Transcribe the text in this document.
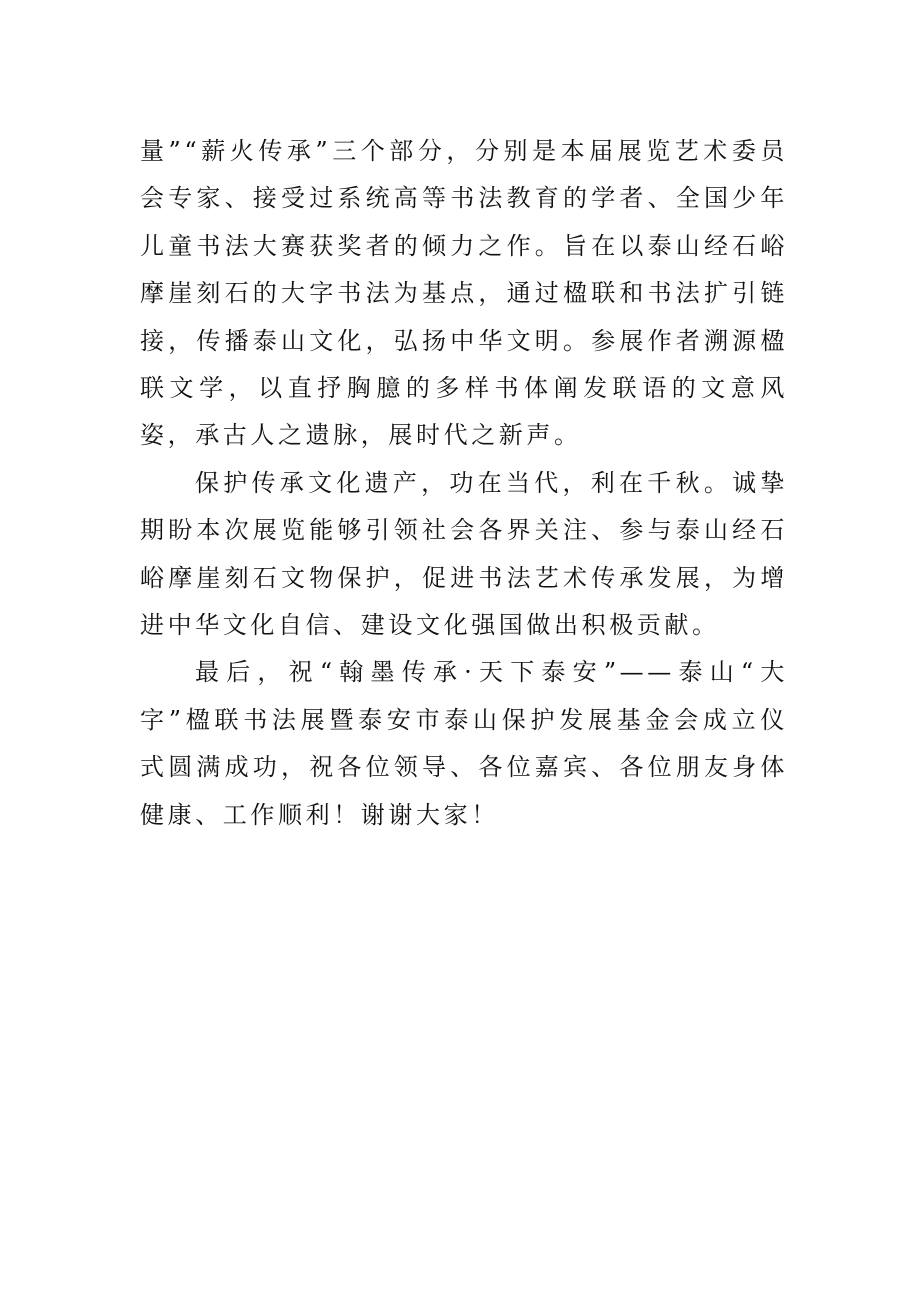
量”“薪火传承”三个部分，分别是本届展览艺术委员会专家、接受过系统高等书法教育的学者、全国少年儿童书法大赛获奖者的倾力之作。旨在以泰山经石峪摩崖刻石的大字书法为基点，通过楹联和书法扩引链接，传播泰山文化，弘扬中华文明。参展作者溯源楹联文学，以直抒胸臆的多样书体阐发联语的文意风姿，承古人之遗脉，展时代之新声。

保护传承文化遗产，功在当代，利在千秋。诚挚期盼本次展览能够引领社会各界关注、参与泰山经石峪摩崖刻石文物保护，促进书法艺术传承发展，为增进中华文化自信、建设文化强国做出积极贡献。

最后，祝“翰墨传承·天下泰安”——泰山“大字”楹联书法展暨泰安市泰山保护发展基金会成立仪式圆满成功，祝各位领导、各位嘉宾、各位朋友身体健康、工作顺利！谢谢大家！
